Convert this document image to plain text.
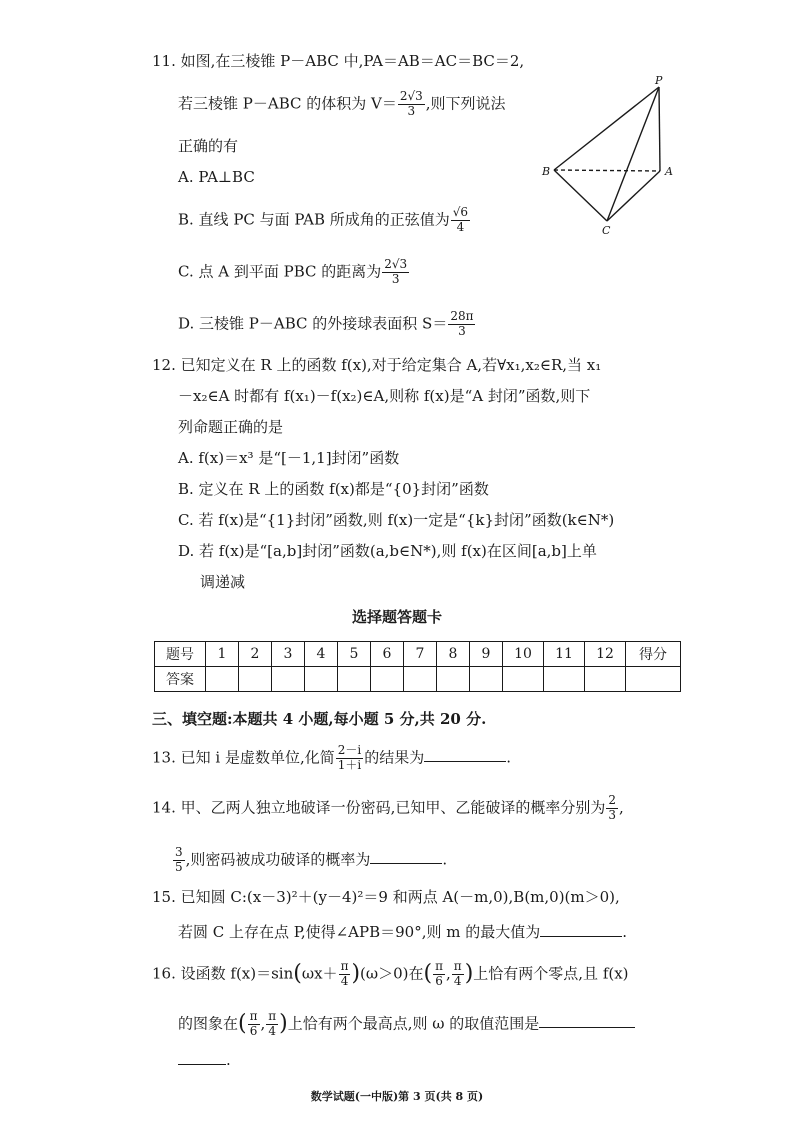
11. 如图,在三棱锥 P－ABC 中,PA＝AB＝AC＝BC＝2,
若三棱锥 P－ABC 的体积为 $V= \frac{2√3}{3}$ ,则下列说法
正确的有
A. PA⊥BC
B. 直线 PC 与面 PAB 所成角的正弦值为 $\frac{√6}{4}$
C. 点 A 到平面 PBC 的距离为 $\frac{2√3}{3}$
D. 三棱锥 P－ABC 的外接球表面积 $S= \frac{28\pi}{3}$
P
A
B
C
12. 已知定义在 R 上的函数 f(x),对于给定集合 A,若∀x₁,x₂∈R,当 x₁
－x₂∈A 时都有 f(x₁)－f(x₂)∈A,则称 f(x)是“A 封闭”函数,则下
列命题正确的是
A. f(x)＝x³ 是“[－1,1]封闭”函数
B. 定义在 R 上的函数 f(x)都是“{0}封闭”函数
C. 若 f(x)是“{1}封闭”函数,则 f(x)一定是“{k}封闭”函数(k∈N*)
D. 若 f(x)是“[a,b]封闭”函数(a,b∈N*),则 f(x)在区间[a,b]上单
调递减
选择题答题卡
题号	1	2	3	4	5	6	7	8	9	10	11	12	得分
答案													
三、填空题:本题共 4 小题,每小题 5 分,共 20 分.
13. 已知 i 是虚数单位,化简 $\frac{2-i}{1+i}$ 的结果为	.
14. 甲、乙两人独立地破译一份密码,已知甲、乙能破译的概率分别为 $\frac{2}{3}$ ,
$\frac{3}{5}$ ,则密码被成功破译的概率为	.
15. 已知圆 C:(x－3)²＋(y－4)²＝9 和两点 A(－m,0),B(m,0)(m＞0),
若圆 C 上存在点 P,使得∠APB＝90°,则 m 的最大值为	.
16. 设函数 $f(x)=\sin(\omega x+ \frac{\pi}{4} )(\omega>0)$在( $\frac{\pi}{6}$ , $\frac{\pi}{4}$ )上恰有两个零点,且 f(x)
的图象在( $\frac{\pi}{6}$ , $\frac{\pi}{4}$ )上恰有两个最高点,则 ω 的取值范围是
.
数学试题(一中版)第 3 页(共 8 页)
